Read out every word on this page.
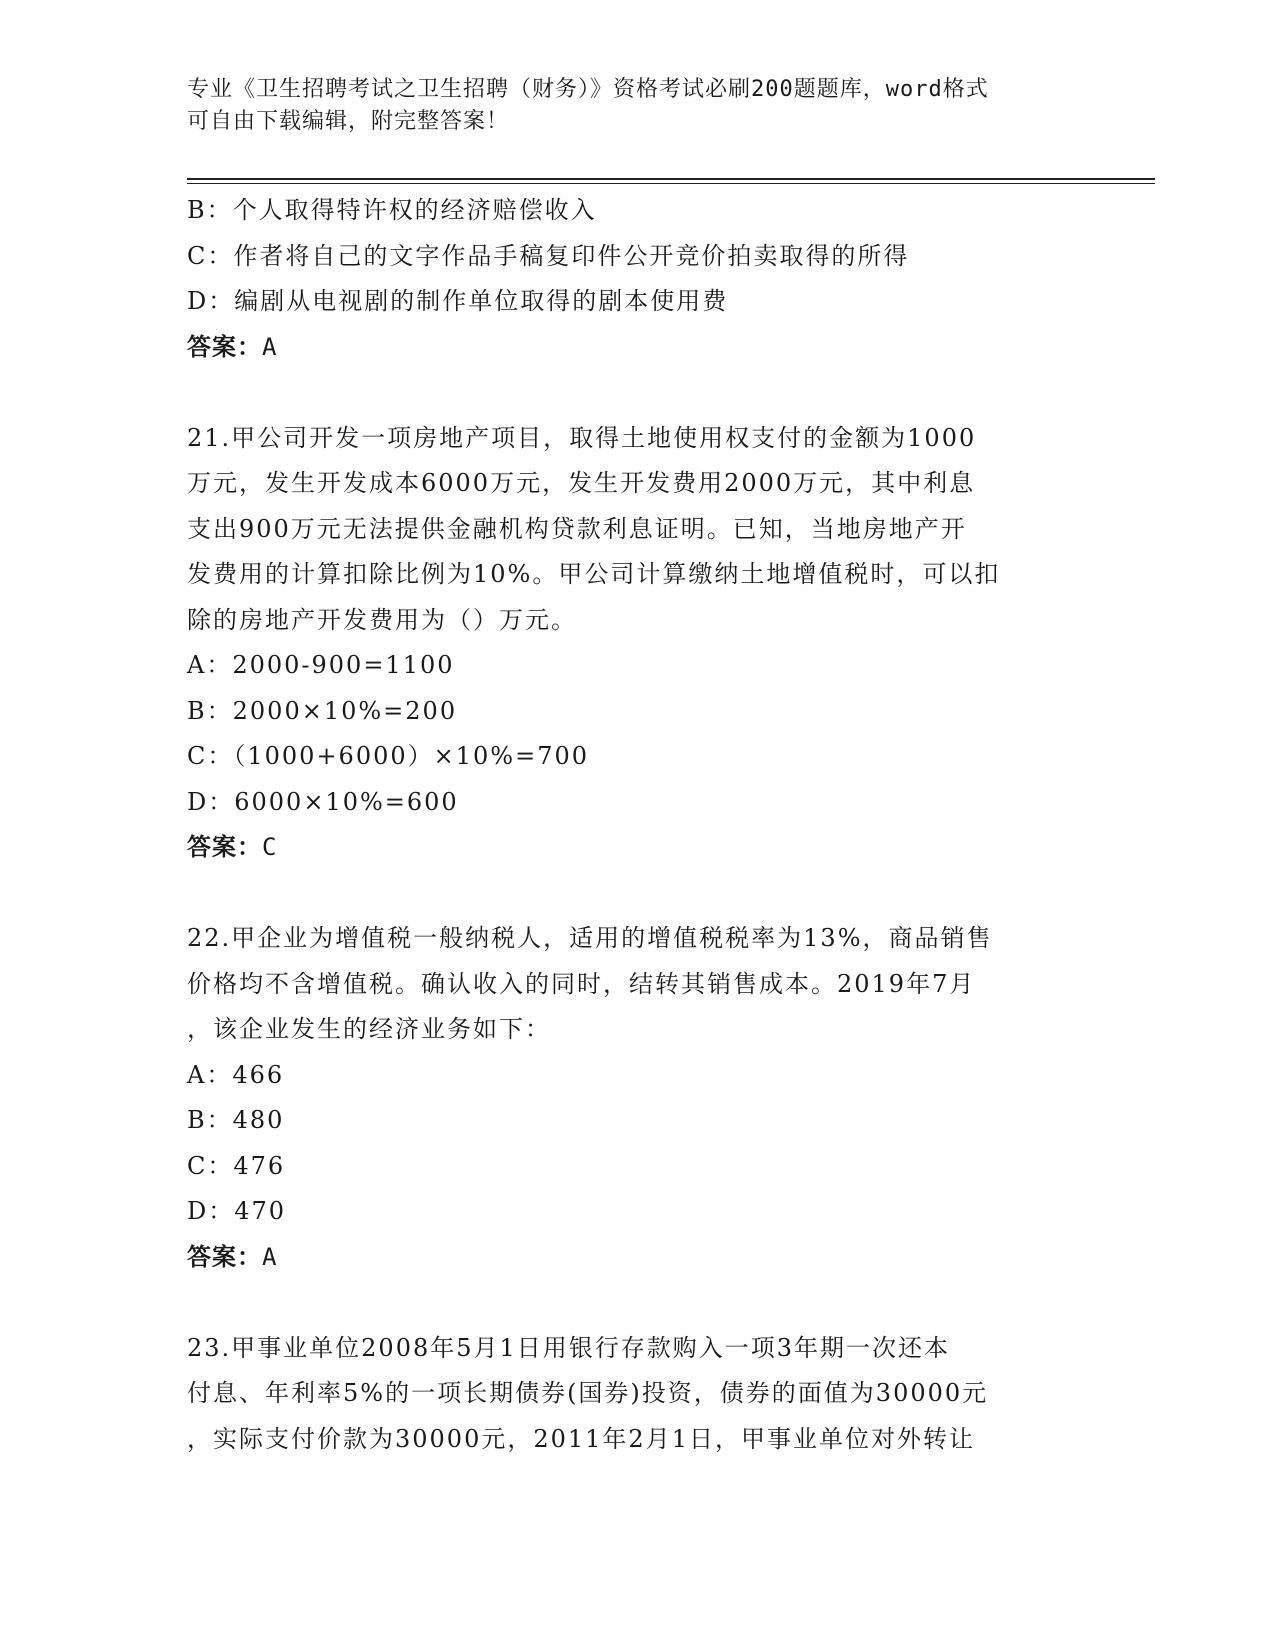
专业《卫生招聘考试之卫生招聘（财务）》资格考试必刷200题题库，word格式
可自由下载编辑，附完整答案！
B：个人取得特许权的经济赔偿收入
C：作者将自己的文字作品手稿复印件公开竞价拍卖取得的所得
D：编剧从电视剧的制作单位取得的剧本使用费
答案：A
21.甲公司开发一项房地产项目，取得土地使用权支付的金额为1000
万元，发生开发成本6000万元，发生开发费用2000万元，其中利息
支出900万元无法提供金融机构贷款利息证明。已知，当地房地产开
发费用的计算扣除比例为10%。甲公司计算缴纳土地增值税时，可以扣
除的房地产开发费用为（）万元。
A：2000-900=1100
B：2000×10%=200
C：（1000+6000）×10%=700
D：6000×10%=600
答案：C
22.甲企业为增值税一般纳税人，适用的增值税税率为13%，商品销售
价格均不含增值税。确认收入的同时，结转其销售成本。2019年7月
，该企业发生的经济业务如下：
A：466
B：480
C：476
D：470
答案：A
23.甲事业单位2008年5月1日用银行存款购入一项3年期一次还本
付息、年利率5%的一项长期债券(国券)投资，债券的面值为30000元
，实际支付价款为30000元，2011年2月1日，甲事业单位对外转让
